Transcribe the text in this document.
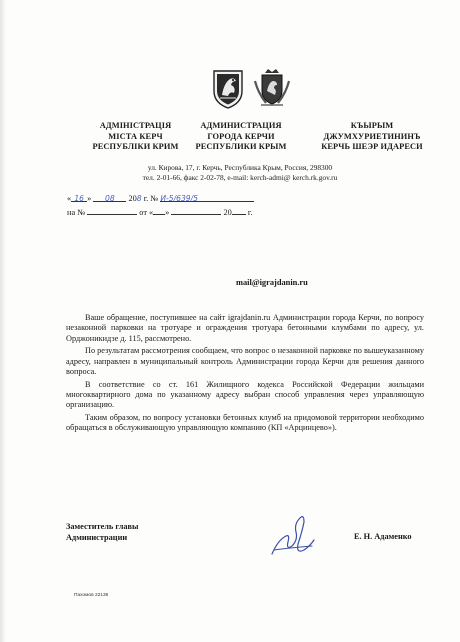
АДМІНІСТРАЦІЯ
МІСТА КЕРЧ
РЕСПУБЛІКИ КРИМ
АДМИНИСТРАЦИЯ
ГОРОДА КЕРЧИ
РЕСПУБЛИКИ КРЫМ
КЪЫРЫМ
ДЖУМХУРИЕТИНИНЪ
КЕРЧЬ ШЕЭР ИДАРЕСИ
ул. Кирова, 17, г. Керчь, Республика Крым, Россия, 298300
тел. 2-01-66, факс 2-02-78, e-mail: kerch-admi@ kerch.rk.gov.ru
« 16 » 08 208 г. № И-5/639/5
на №	от « »	20 г.
mail@igrajdanin.ru

Ваше обращение, поступившее на сайт igrajdanin.ru Администрации города Керчи, по вопросу незаконной парковки на тротуаре и ограждения тротуара бетонными клумбами по адресу, ул. Орджоникидзе д. 115, рассмотрено.

По результатам рассмотрения сообщаем, что вопрос о незаконной парковке по вышеуказанному адресу, направлен в муниципальный контроль Администрации города Керчи для решения данного вопроса.

В соответствие со ст. 161 Жилищного кодекса Российской Федерации жильцами многоквартирного дома по указанному адресу выбран способ управления через управляющую организацию.

Таким образом, по вопросу установки бетонных клумб на придомовой территории необходимо обращаться в обслуживающую управляющую компанию (КП «Арцинцево»).

Заместитель главы
Администрации	Е. Н. Адаменко
Пахомов 22136
